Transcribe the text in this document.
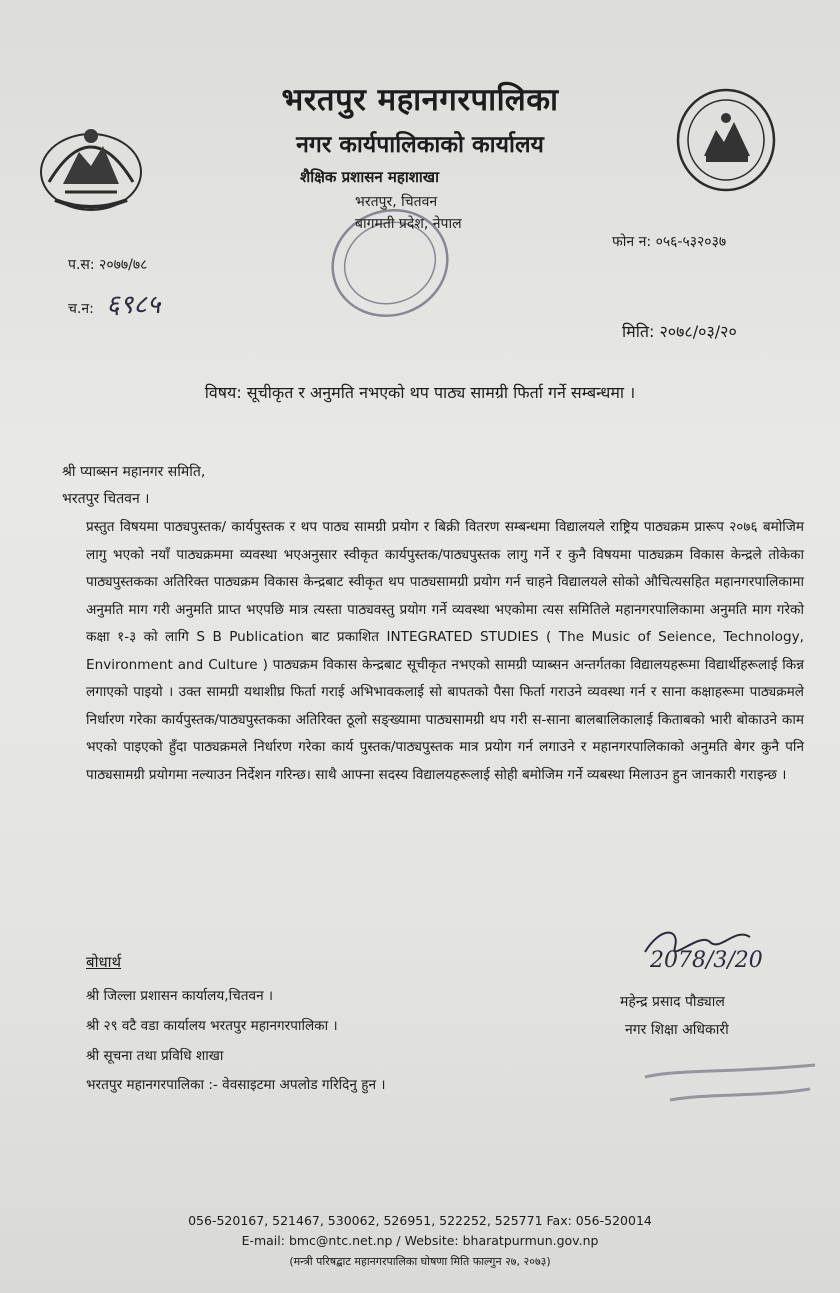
भरतपुर महानगरपालिका
नगर कार्यपालिकाको कार्यालय
शैक्षिक प्रशासन महाशाखा
भरतपुर, चितवन
बागमती प्रदेश, नेपाल
प.स: २०७७/७८
च.न: ६९८५
फोन न: ०५६-५३२०३७
मिति: २०७८/०३/२०
विषय: सूचीकृत र अनुमति नभएको थप पाठ्य सामग्री फिर्ता गर्ने सम्बन्धमा ।
श्री प्याब्सन महानगर समिति,
भरतपुर चितवन ।
प्रस्तुत विषयमा पाठ्यपुस्तक/ कार्यपुस्तक र थप पाठ्य सामग्री प्रयोग र बिक्री वितरण सम्बन्धमा विद्यालयले राष्ट्रिय पाठ्यक्रम प्रारूप २०७६ बमोजिम लागु भएको नयाँ पाठ्यक्रममा व्यवस्था भएअनुसार स्वीकृत कार्यपुस्तक/पाठ्यपुस्तक लागु गर्ने र कुनै विषयमा पाठ्यक्रम विकास केन्द्रले तोकेका पाठ्यपुस्तकका अतिरिक्त पाठ्यक्रम विकास केन्द्रबाट स्वीकृत थप पाठ्यसामग्री प्रयोग गर्न चाहने विद्यालयले सोको औचित्यसहित महानगरपालिकामा अनुमति माग गरी अनुमति प्राप्त भएपछि मात्र त्यस्ता पाठ्यवस्तु प्रयोग गर्ने व्यवस्था भएकोमा त्यस समितिले महानगरपालिकामा अनुमति माग गरेको कक्षा १-३ को लागि S B Publication बाट प्रकाशित INTEGRATED STUDIES ( The Music of Seience, Technology, Environment and Culture ) पाठ्यक्रम विकास केन्द्रबाट सूचीकृत नभएको सामग्री प्याब्सन अन्तर्गतका विद्यालयहरूमा विद्यार्थीहरूलाई किन्न लगाएको पाइयो । उक्त सामग्री यथाशीघ्र फिर्ता गराई अभिभावकलाई सो बापतको पैसा फिर्ता गराउने व्यवस्था गर्न र साना कक्षाहरूमा पाठ्यक्रमले निर्धारण गरेका कार्यपुस्तक/पाठ्यपुस्तकका अतिरिक्त ठूलो सङ्ख्यामा पाठ्यसामग्री थप गरी स-साना बालबालिकालाई किताबको भारी बोकाउने काम भएको पाइएको हुँदा पाठ्यक्रमले निर्धारण गरेका कार्य पुस्तक/पाठ्यपुस्तक मात्र प्रयोग गर्न लगाउने र महानगरपालिकाको अनुमति बेगर कुनै पनि पाठ्यसामग्री प्रयोगमा नल्याउन निर्देशन गरिन्छ। साथै आफ्ना सदस्य विद्यालयहरूलाई सोही बमोजिम गर्ने व्यबस्था मिलाउन हुन जानकारी गराइन्छ ।
बोधार्थ
श्री जिल्ला प्रशासन कार्यालय,चितवन ।
श्री २९ वटै वडा कार्यालय भरतपुर महानगरपालिका ।
श्री सूचना तथा प्रविधि शाखा
भरतपुर महानगरपालिका :- वेवसाइटमा अपलोड गरिदिनु हुन ।
2078/3/20
महेन्द्र प्रसाद पौड्याल
नगर शिक्षा अधिकारी
056-520167, 521467, 530062, 526951, 522252, 525771 Fax: 056-520014
E-mail: bmc@ntc.net.np / Website: bharatpurmun.gov.np
(मन्त्री परिषद्बाट महानगरपालिका घोषणा मिति फाल्गुन २७, २०७३)
